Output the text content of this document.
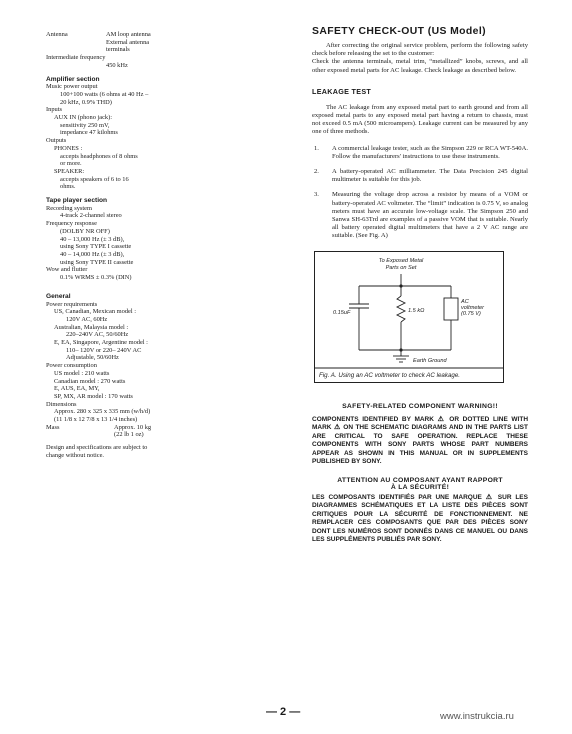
Antenna	AM loop antenna
External antenna
terminals
Intermediate frequency
450 kHz
Amplifier section
Music power output
100+100 watts (6 ohms at 40 Hz –
20 kHz, 0.9% THD)
Inputs
AUX IN (phono jack):
sensitivity 250 mV,
impedance 47 kilohms
Outputs
PHONES :
accepts headphones of 8 ohms
or more.
SPEAKER:
accepts speakers of 6 to 16
ohms.
Tape player section
Recording system
4-track 2-channel stereo
Frequency response
(DOLBY NR OFF)
40 – 13,000 Hz (± 3 dB),
using Sony TYPE I cassette
40 – 14,000 Hz (± 3 dB),
using Sony TYPE II cassette
Wow and flutter
0.1% WRMS ± 0.3% (DIN)
General
Power requirements
US, Canadian, Mexican model :
120V AC, 60Hz
Australian, Malaysia model :
220–240V AC, 50/60Hz
E, EA, Singapore, Argentine model :
110– 120V or 220– 240V AC
Adjustable, 50/60Hz
Power consumption
US model : 210 watts
Canadian model : 270 watts
E, AUS, EA, MY,
SP, MX, AR model : 170 watts
Dimensions
Approx. 280 x 325 x 335 mm (w/h/d)
(11 1/8 x 12 7/8 x 13 1/4 inches)
Mass	Approx. 10 kg
(22 lb 1 oz)
Design and specifications are subject to
change without notice.
SAFETY CHECK-OUT (US Model)
After correcting the original service problem, perform the following safety check before releasing the set to the customer:
Check the antenna terminals, metal trim, “metallized” knobs, screws, and all other exposed metal parts for AC leakage. Check leakage as described below.
LEAKAGE TEST
The AC leakage from any exposed metal part to earth ground and from all exposed metal parts to any exposed metal part having a return to chassis, must not exceed 0.5 mA (500 microampers). Leakage current can be measured by any one of three methods.
1.	A commercial leakage tester, such as the Simpson 229 or RCA WT-540A. Follow the manufacturers' instructions to use these instruments.
2.	A battery-operated AC milliammeter. The Data Precision 245 digital multimeter is suitable for this job.
3.	Measuring the voltage drop across a resistor by means of a VOM or battery-operated AC voltmeter. The “limit” indication is 0.75 V, so analog meters must have an accurate low-voltage scale. The Simpson 250 and Sanwa SH-63Trd are examples of a passive VOM that is suitable. Nearly all battery operated digital multimeters that have a 2 V AC range are suitable. (See Fig. A)
To Exposed Metal
Parts on Set
0.15uF	1.5 kΩ
AC
voltmeter
(0.75 V)
Earth Ground
Fig. A. Using an AC voltmeter to check AC leakage.
SAFETY-RELATED COMPONENT WARNING!!
COMPONENTS IDENTIFIED BY MARK ⚠ OR DOTTED LINE WITH MARK ⚠ ON THE SCHEMATIC DIAGRAMS AND IN THE PARTS LIST ARE CRITICAL TO SAFE OPERATION. REPLACE THESE COMPONENTS WITH SONY PARTS WHOSE PART NUMBERS APPEAR AS SHOWN IN THIS MANUAL OR IN SUPPLEMENTS PUBLISHED BY SONY.
ATTENTION AU COMPOSANT AYANT RAPPORT
À LA SÉCURITÉ!
LES COMPOSANTS IDENTIFIÉS PAR UNE MARQUE ⚠ SUR LES DIAGRAMMES SCHÉMATIQUES ET LA LISTE DES PIÈCES SONT CRITIQUES POUR LA SÉCURITÉ DE FONCTIONNEMENT. NE REMPLACER CES COMPOSANTS QUE PAR DES PIÈCES SONY DONT LES NUMÉROS SONT DONNÉS DANS CE MANUEL OU DANS LES SUPPLÉMENTS PUBLIÉS PAR SONY.
— 2 —	www.instrukcia.ru
